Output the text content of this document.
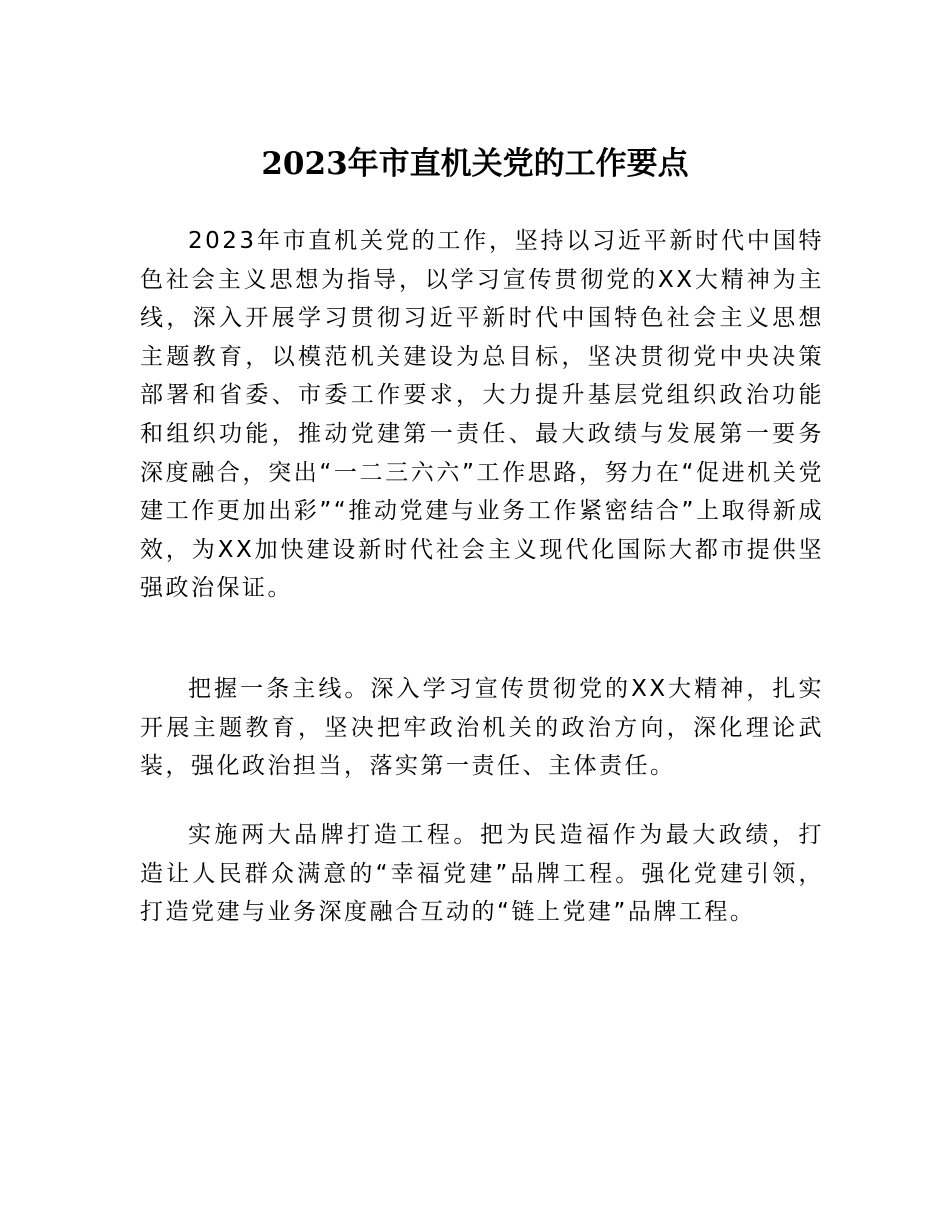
2023年市直机关党的工作要点

2023年市直机关党的工作，坚持以习近平新时代中国特色社会主义思想为指导，以学习宣传贯彻党的XX大精神为主线，深入开展学习贯彻习近平新时代中国特色社会主义思想主题教育，以模范机关建设为总目标，坚决贯彻党中央决策部署和省委、市委工作要求，大力提升基层党组织政治功能和组织功能，推动党建第一责任、最大政绩与发展第一要务深度融合，突出“一二三六六”工作思路，努力在“促进机关党建工作更加出彩”“推动党建与业务工作紧密结合”上取得新成效，为XX加快建设新时代社会主义现代化国际大都市提供坚强政治保证。

把握一条主线。深入学习宣传贯彻党的XX大精神，扎实开展主题教育，坚决把牢政治机关的政治方向，深化理论武装，强化政治担当，落实第一责任、主体责任。

实施两大品牌打造工程。把为民造福作为最大政绩，打造让人民群众满意的“幸福党建”品牌工程。强化党建引领，打造党建与业务深度融合互动的“链上党建”品牌工程。
